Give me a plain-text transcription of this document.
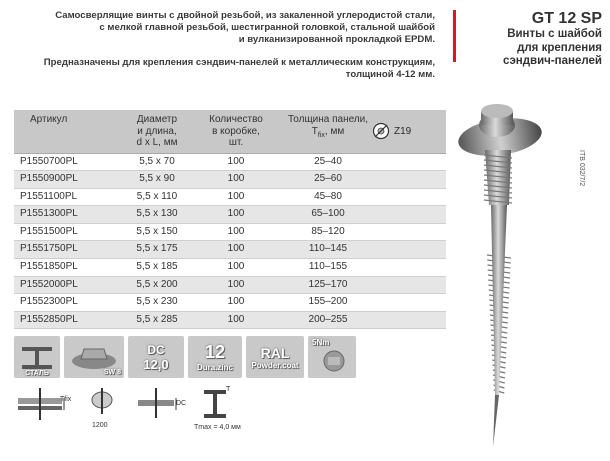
Самосверлящие винты с двойной резьбой, из закаленной углеродистой стали,
с мелкой главной резьбой, шестигранной головкой, стальной шайбой
и вулканизированной прокладкой EPDM.

Предназначены для крепления сэндвич-панелей к металлическим конструкциям,
толщиной 4-12 мм.

GT 12 SP
Винты с шайбой
для крепления
сэндвич-панелей
Артикул	Диаметр
и длина,
d x L, мм	Количество
в коробке,
шт.	Толщина панели,
$T_{fix}$, мм	
P1550700PL	5,5 x 70	100	25–40	
P1550900PL	5,5 x 90	100	25–60	
P1551100PL	5,5 x 110	100	45–80	
P1551300PL	5,5 x 130	100	65–100	
P1551500PL	5,5 x 150	100	85–120	
P1551750PL	5,5 x 175	100	110–145	
P1551850PL	5,5 x 185	100	110–155	
P1552000PL	5,5 x 200	100	125–170	
P1552300PL	5,5 x 230	100	155–200	
P1552850PL	5,5 x 285	100	200–255	
Z19
ITB 032/7/2
СТАЛЬ	SW 8
DC
12,0
12
Dura.zinc
RAL
Powder.coat
5Nm
Tfix
1200
DC
T
Tmax = 4,0 мм
